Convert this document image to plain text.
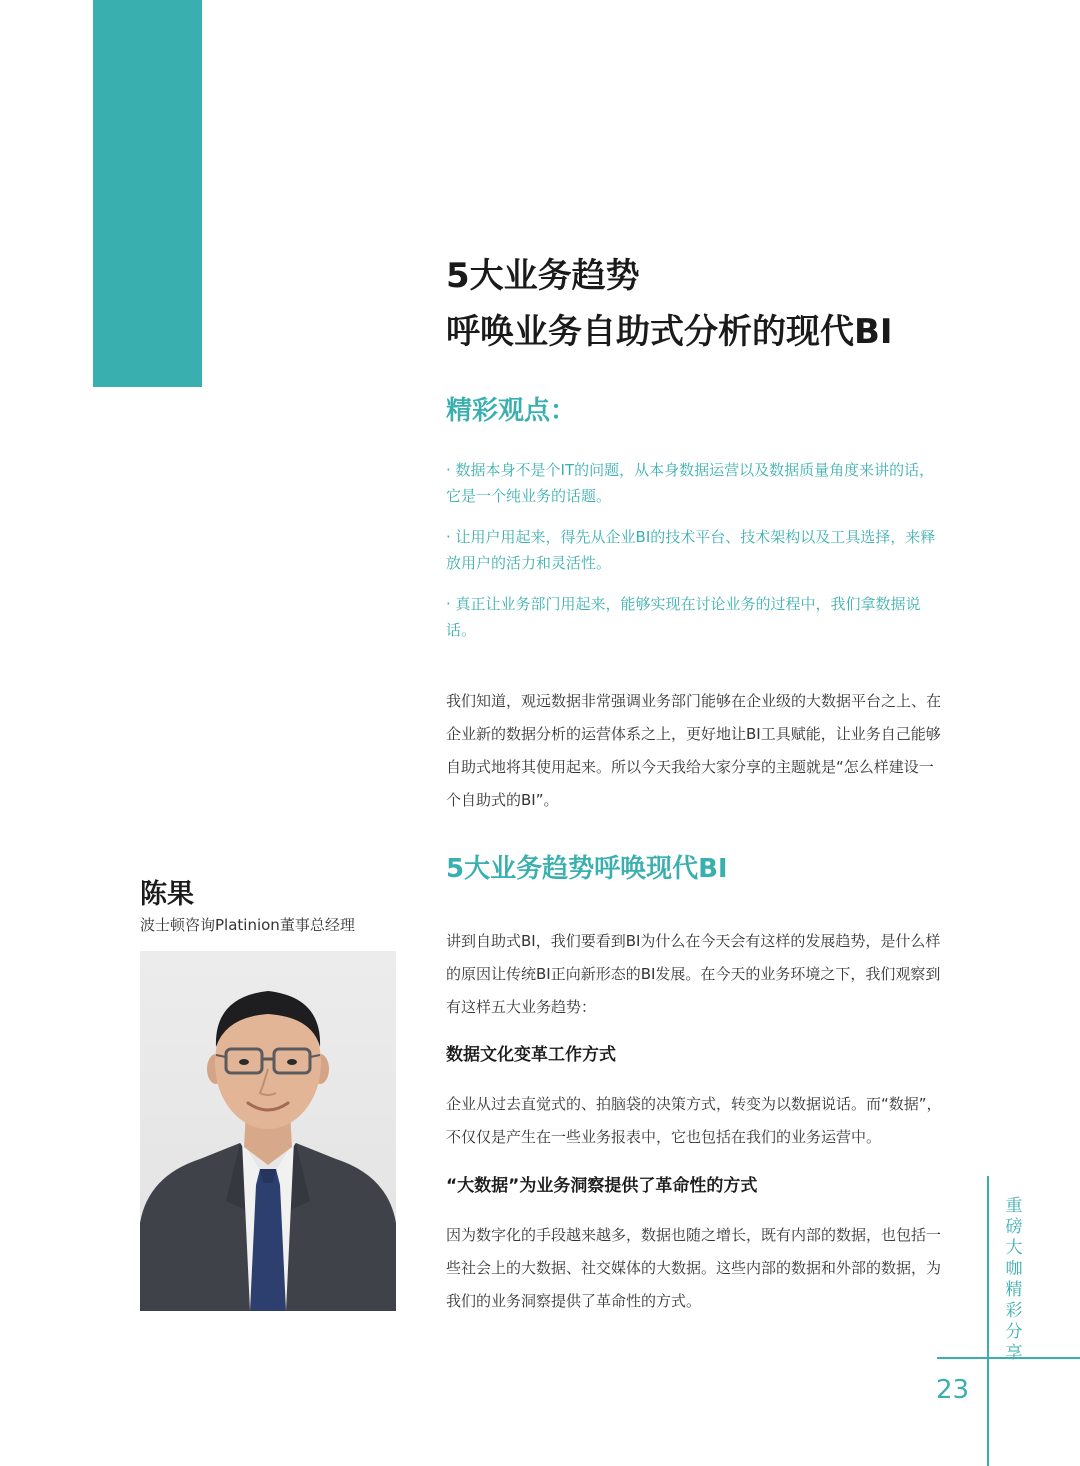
5大业务趋势
呼唤业务自助式分析的现代BI
精彩观点：
· 数据本身不是个IT的问题，从本身数据运营以及数据质量角度来讲的话，它是一个纯业务的话题。
· 让用户用起来，得先从企业BI的技术平台、技术架构以及工具选择，来释放用户的活力和灵活性。
· 真正让业务部门用起来，能够实现在讨论业务的过程中，我们拿数据说话。

我们知道，观远数据非常强调业务部门能够在企业级的大数据平台之上、在企业新的数据分析的运营体系之上，更好地让BI工具赋能，让业务自己能够自助式地将其使用起来。所以今天我给大家分享的主题就是“怎么样建设一个自助式的BI”。

5大业务趋势呼唤现代BI

讲到自助式BI，我们要看到BI为什么在今天会有这样的发展趋势，是什么样的原因让传统BI正向新形态的BI发展。在今天的业务环境之下，我们观察到有这样五大业务趋势：

数据文化变革工作方式

企业从过去直觉式的、拍脑袋的决策方式，转变为以数据说话。而“数据”，不仅仅是产生在一些业务报表中，它也包括在我们的业务运营中。

“大数据”为业务洞察提供了革命性的方式

因为数字化的手段越来越多，数据也随之增长，既有内部的数据，也包括一些社会上的大数据、社交媒体的大数据。这些内部的数据和外部的数据，为我们的业务洞察提供了革命性的方式。

陈果
波士顿咨询Platinion董事总经理
重磅大咖精彩分享
23
